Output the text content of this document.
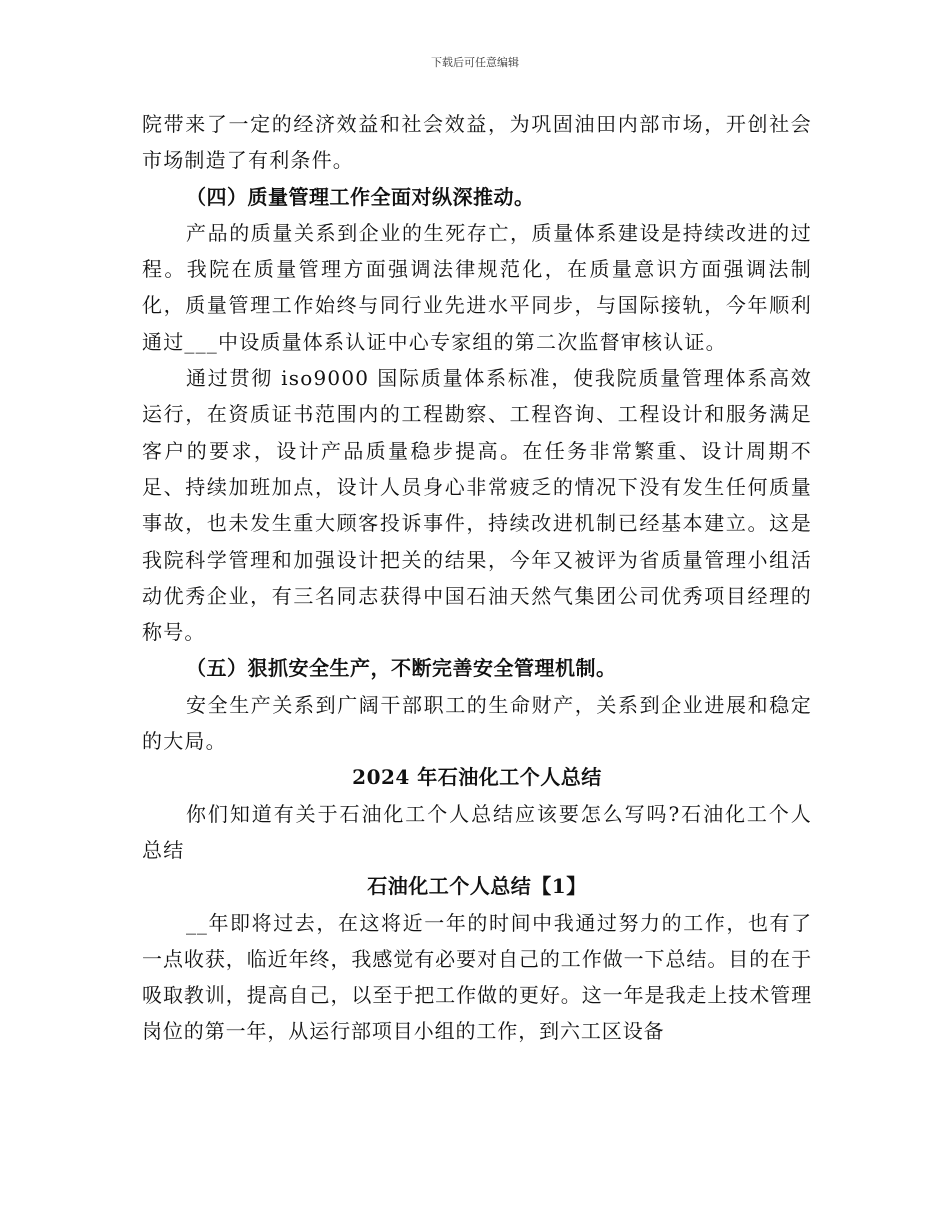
下载后可任意编辑

院带来了一定的经济效益和社会效益，为巩固油田内部市场，开创社会市场制造了有利条件。

（四）质量管理工作全面对纵深推动。

产品的质量关系到企业的生死存亡，质量体系建设是持续改进的过程。我院在质量管理方面强调法律规范化，在质量意识方面强调法制化，质量管理工作始终与同行业先进水平同步，与国际接轨，今年顺利通过___中设质量体系认证中心专家组的第二次监督审核认证。

通过贯彻 iso9000 国际质量体系标准，使我院质量管理体系高效运行，在资质证书范围内的工程勘察、工程咨询、工程设计和服务满足客户的要求，设计产品质量稳步提高。在任务非常繁重、设计周期不足、持续加班加点，设计人员身心非常疲乏的情况下没有发生任何质量事故，也未发生重大顾客投诉事件，持续改进机制已经基本建立。这是我院科学管理和加强设计把关的结果，今年又被评为省质量管理小组活动优秀企业，有三名同志获得中国石油天然气集团公司优秀项目经理的称号。

（五）狠抓安全生产，不断完善安全管理机制。

安全生产关系到广阔干部职工的生命财产，关系到企业进展和稳定的大局。

2024 年石油化工个人总结

你们知道有关于石油化工个人总结应该要怎么写吗?石油化工个人总结

石油化工个人总结【1】

__年即将过去，在这将近一年的时间中我通过努力的工作，也有了一点收获，临近年终，我感觉有必要对自己的工作做一下总结。目的在于吸取教训，提高自己，以至于把工作做的更好。这一年是我走上技术管理岗位的第一年，从运行部项目小组的工作，到六工区设备
